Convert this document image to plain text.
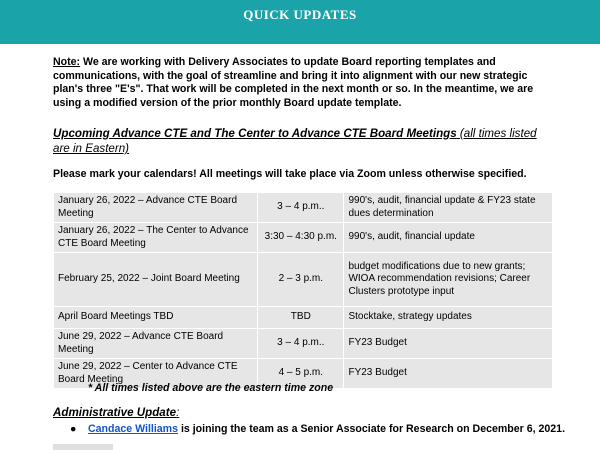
QUICK UPDATES
Note: We are working with Delivery Associates to update Board reporting templates and communications, with the goal of streamline and bring it into alignment with our new strategic plan's three "E's". That work will be completed in the next month or so. In the meantime, we are using a modified version of the prior monthly Board update template.
Upcoming Advance CTE and The Center to Advance CTE Board Meetings (all times listed are in Eastern)
Please mark your calendars! All meetings will take place via Zoom unless otherwise specified.
January 26, 2022 – Advance CTE Board Meeting	3 – 4 p.m..	990's, audit, financial update & FY23 state dues determination
January 26, 2022 – The Center to Advance CTE Board Meeting	3:30 – 4:30 p.m.	990's, audit, financial update
February 25, 2022 – Joint Board Meeting	2 – 3 p.m.	budget modifications due to new grants; WIOA recommendation revisions; Career Clusters prototype input
April Board Meetings TBD	TBD	Stocktake, strategy updates
June 29, 2022 – Advance CTE Board Meeting	3 – 4 p.m..	FY23 Budget
June 29, 2022 – Center to Advance CTE Board Meeting	4 – 5 p.m.	FY23 Budget
* All times listed above are the eastern time zone
Administrative Update:
● Candace Williams is joining the team as a Senior Associate for Research on December 6, 2021.
